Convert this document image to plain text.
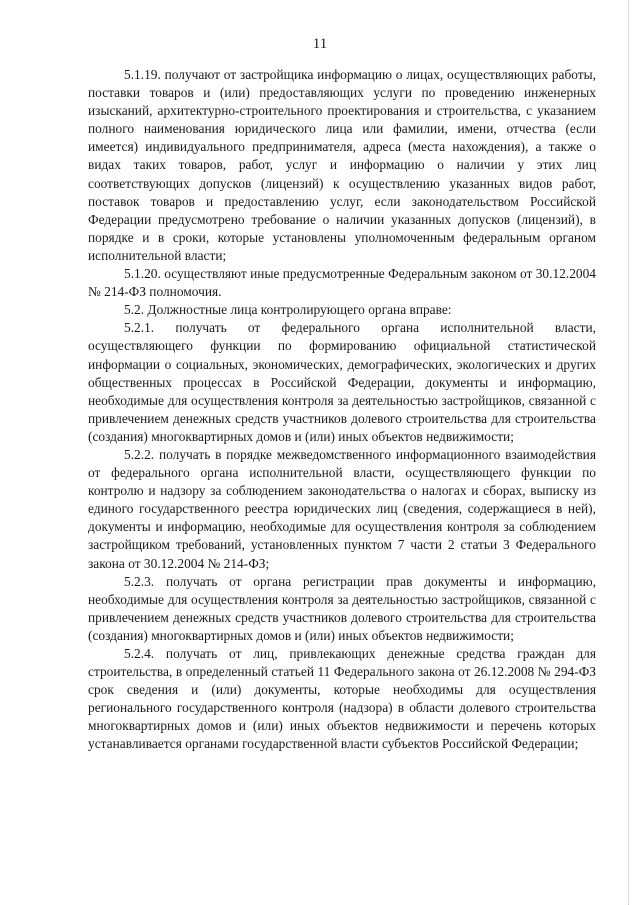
11

5.1.19. получают от застройщика информацию о лицах, осуществляющих работы, поставки товаров и (или) предоставляющих услуги по проведению инженерных изысканий, архитектурно-строительного проектирования и строительства, с указанием полного наименования юридического лица или фамилии, имени, отчества (если имеется) индивидуального предпринимателя, адреса (места нахождения), а также о видах таких товаров, работ, услуг и информацию о наличии у этих лиц соответствующих допусков (лицензий) к осуществлению указанных видов работ, поставок товаров и предоставлению услуг, если законодательством Российской Федерации предусмотрено требование о наличии указанных допусков (лицензий), в порядке и в сроки, которые установлены уполномоченным федеральным органом исполнительной власти;

5.1.20. осуществляют иные предусмотренные Федеральным законом от 30.12.2004 № 214-ФЗ полномочия.

5.2. Должностные лица контролирующего органа вправе:

5.2.1. получать от федерального органа исполнительной власти, осуществляющего функции по формированию официальной статистической информации о социальных, экономических, демографических, экологических и других общественных процессах в Российской Федерации, документы и информацию, необходимые для осуществления контроля за деятельностью застройщиков, связанной с привлечением денежных средств участников долевого строительства для строительства (создания) многоквартирных домов и (или) иных объектов недвижимости;

5.2.2. получать в порядке межведомственного информационного взаимодействия от федерального органа исполнительной власти, осуществляющего функции по контролю и надзору за соблюдением законодательства о налогах и сборах, выписку из единого государственного реестра юридических лиц (сведения, содержащиеся в ней), документы и информацию, необходимые для осуществления контроля за соблюдением застройщиком требований, установленных пунктом 7 части 2 статьи 3 Федерального закона от 30.12.2004 № 214-ФЗ;

5.2.3. получать от органа регистрации прав документы и информацию, необходимые для осуществления контроля за деятельностью застройщиков, связанной с привлечением денежных средств участников долевого строительства для строительства (создания) многоквартирных домов и (или) иных объектов недвижимости;

5.2.4. получать от лиц, привлекающих денежные средства граждан для строительства, в определенный статьей 11 Федерального закона от 26.12.2008 № 294-ФЗ срок сведения и (или) документы, которые необходимы для осуществления регионального государственного контроля (надзора) в области долевого строительства многоквартирных домов и (или) иных объектов недвижимости и перечень которых устанавливается органами государственной власти субъектов Российской Федерации;
